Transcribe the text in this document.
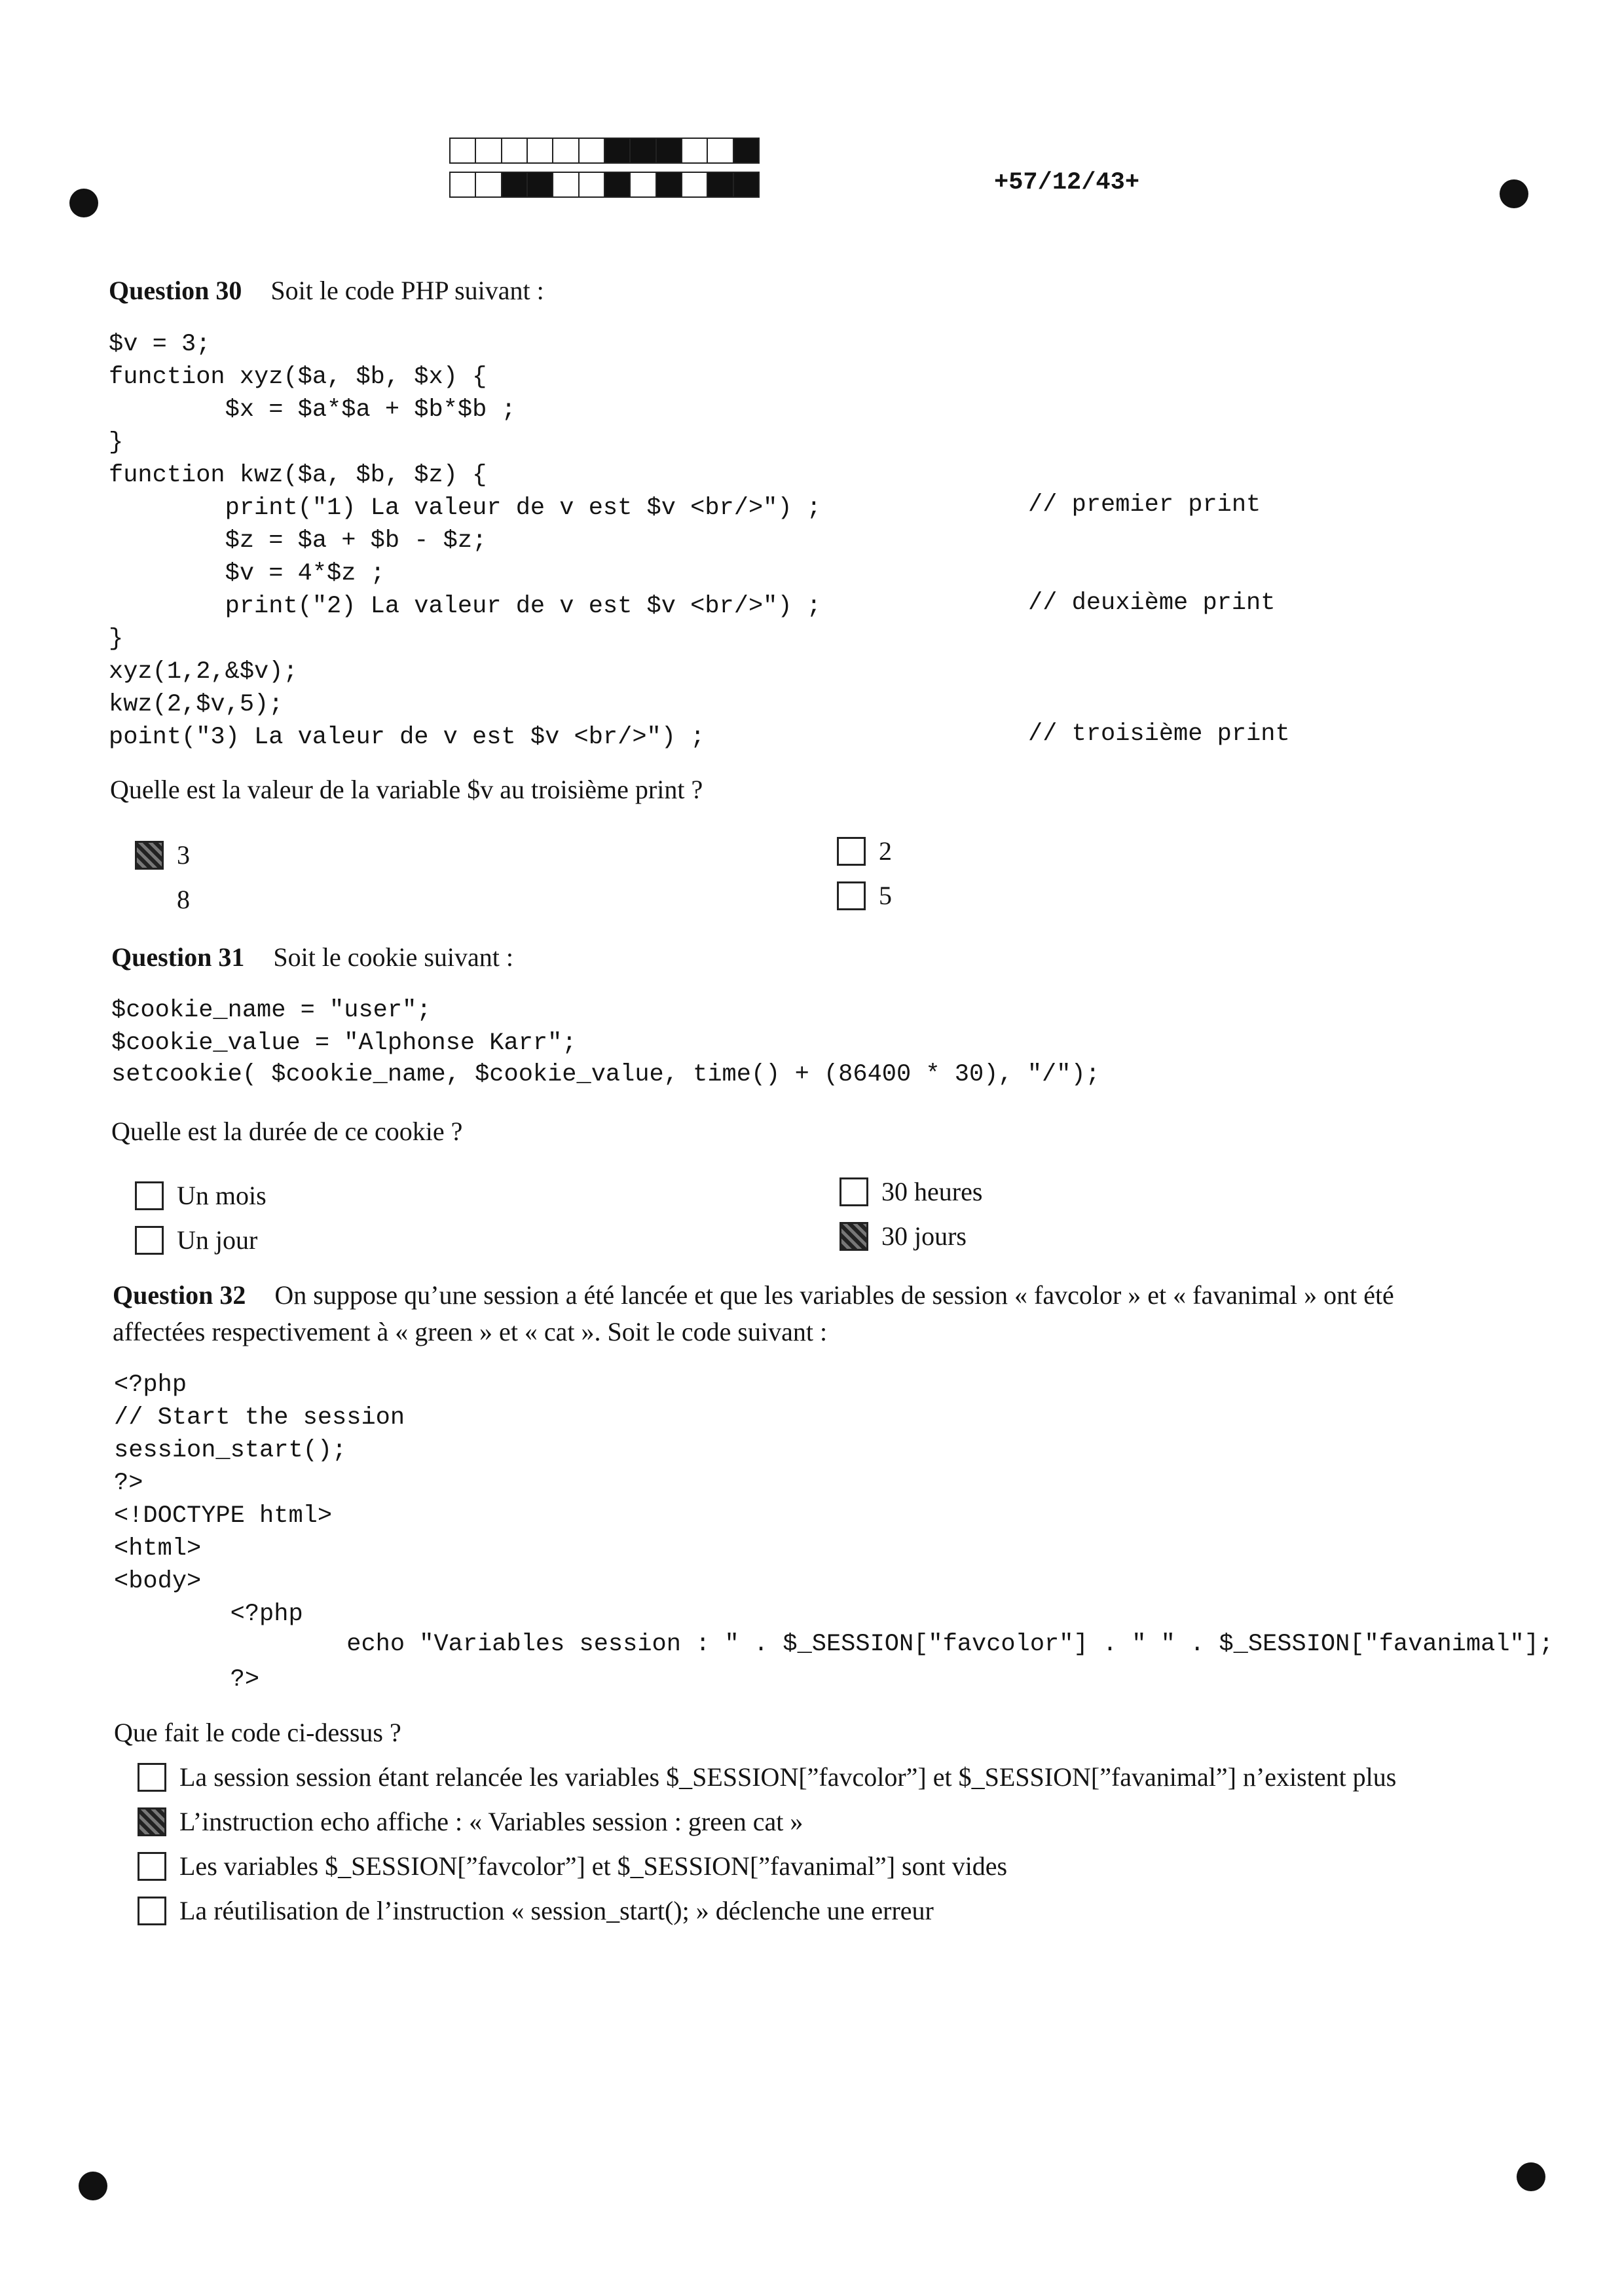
+57/12/43+
Question 30 Soit le code PHP suivant :

$v = 3;

function xyz($a, $b, $x) {

$x = $a*$a + $b*$b ;

}

function kwz($a, $b, $z) {

print("1) La valeur de v est $v <br/>") ;

$z = $a + $b - $z;

$v = 4*$z ;

print("2) La valeur de v est $v <br/>") ;

}

xyz(1,2,&$v);

kwz(2,$v,5);

point("3) La valeur de v est $v <br/>") ;

// premier print
// deuxième print
// troisième print
Quelle est la valeur de la variable $v au troisième print ?
3
8
2
5
Question 31 Soit le cookie suivant :

$cookie_name = "user";

$cookie_value = "Alphonse Karr";

setcookie( $cookie_name, $cookie_value, time() + (86400 * 30), "/");

Quelle est la durée de ce cookie ?
Un mois
Un jour
30 heures
30 jours
Question 32 On suppose qu’une session a été lancée et que les variables de session « favcolor » et « favanimal » ont été
affectées respectivement à « green » et « cat ». Soit le code suivant :

<?php

// Start the session

session_start();

?>

<!DOCTYPE html>

<html>

<body>

<?php

echo "Variables session : " . $_SESSION["favcolor"] . " " . $_SESSION["favanimal"];

?>

Que fait le code ci-dessus ?
La session session étant relancée les variables $_SESSION[”favcolor”] et $_SESSION[”favanimal”] n’existent plus
L’instruction echo affiche : « Variables session : green cat »
Les variables $_SESSION[”favcolor”] et $_SESSION[”favanimal”] sont vides
La réutilisation de l’instruction « session_start(); » déclenche une erreur
